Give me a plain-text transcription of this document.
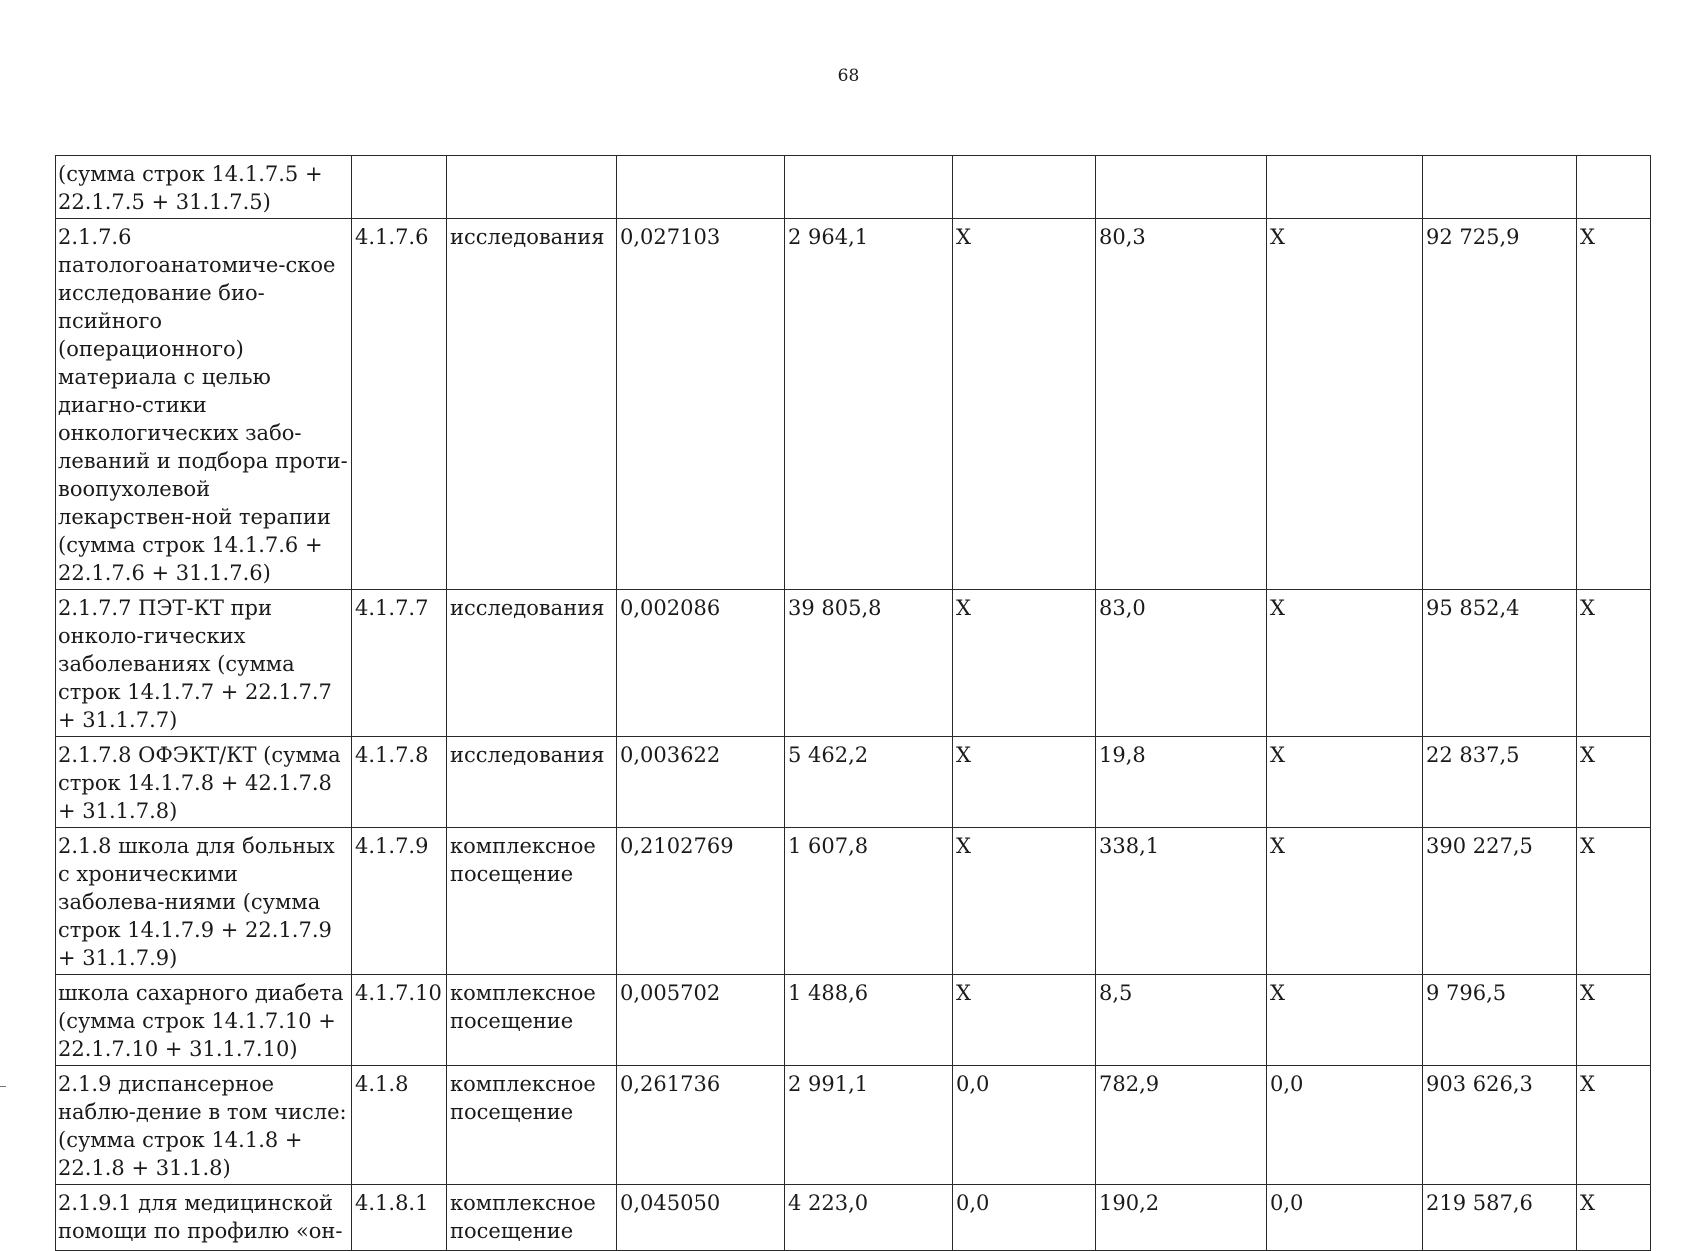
68
(сумма строк 14.1.7.5 + 22.1.7.5 + 31.1.7.5)									
2.1.7.6 патологоанатомиче-ское исследование био-псийного (операционного) материала с целью диагно-стики онкологических забо-леваний и подбора проти-воопухолевой лекарствен-ной терапии (сумма строк 14.1.7.6 + 22.1.7.6 + 31.1.7.6)	4.1.7.6	исследования	0,027103	2 964,1	X	80,3	X	92 725,9	X
2.1.7.7 ПЭТ-КТ при онколо-гических заболеваниях (сумма строк 14.1.7.7 + 22.1.7.7 + 31.1.7.7)	4.1.7.7	исследования	0,002086	39 805,8	X	83,0	X	95 852,4	X
2.1.7.8 ОФЭКТ/КТ (сумма строк 14.1.7.8 + 42.1.7.8 + 31.1.7.8)	4.1.7.8	исследования	0,003622	5 462,2	X	19,8	X	22 837,5	X
2.1.8 школа для больных с хроническими заболева-ниями (сумма строк 14.1.7.9 + 22.1.7.9 + 31.1.7.9)	4.1.7.9	комплексное посещение	0,2102769	1 607,8	X	338,1	X	390 227,5	X
школа сахарного диабета (сумма строк 14.1.7.10 + 22.1.7.10 + 31.1.7.10)	4.1.7.10	комплексное посещение	0,005702	1 488,6	X	8,5	X	9 796,5	X
2.1.9 диспансерное наблю-дение в том числе: (сумма строк 14.1.8 + 22.1.8 + 31.1.8)	4.1.8	комплексное посещение	0,261736	2 991,1	0,0	782,9	0,0	903 626,3	X
2.1.9.1 для медицинской помощи по профилю «он-	4.1.8.1	комплексное посещение	0,045050	4 223,0	0,0	190,2	0,0	219 587,6	X
